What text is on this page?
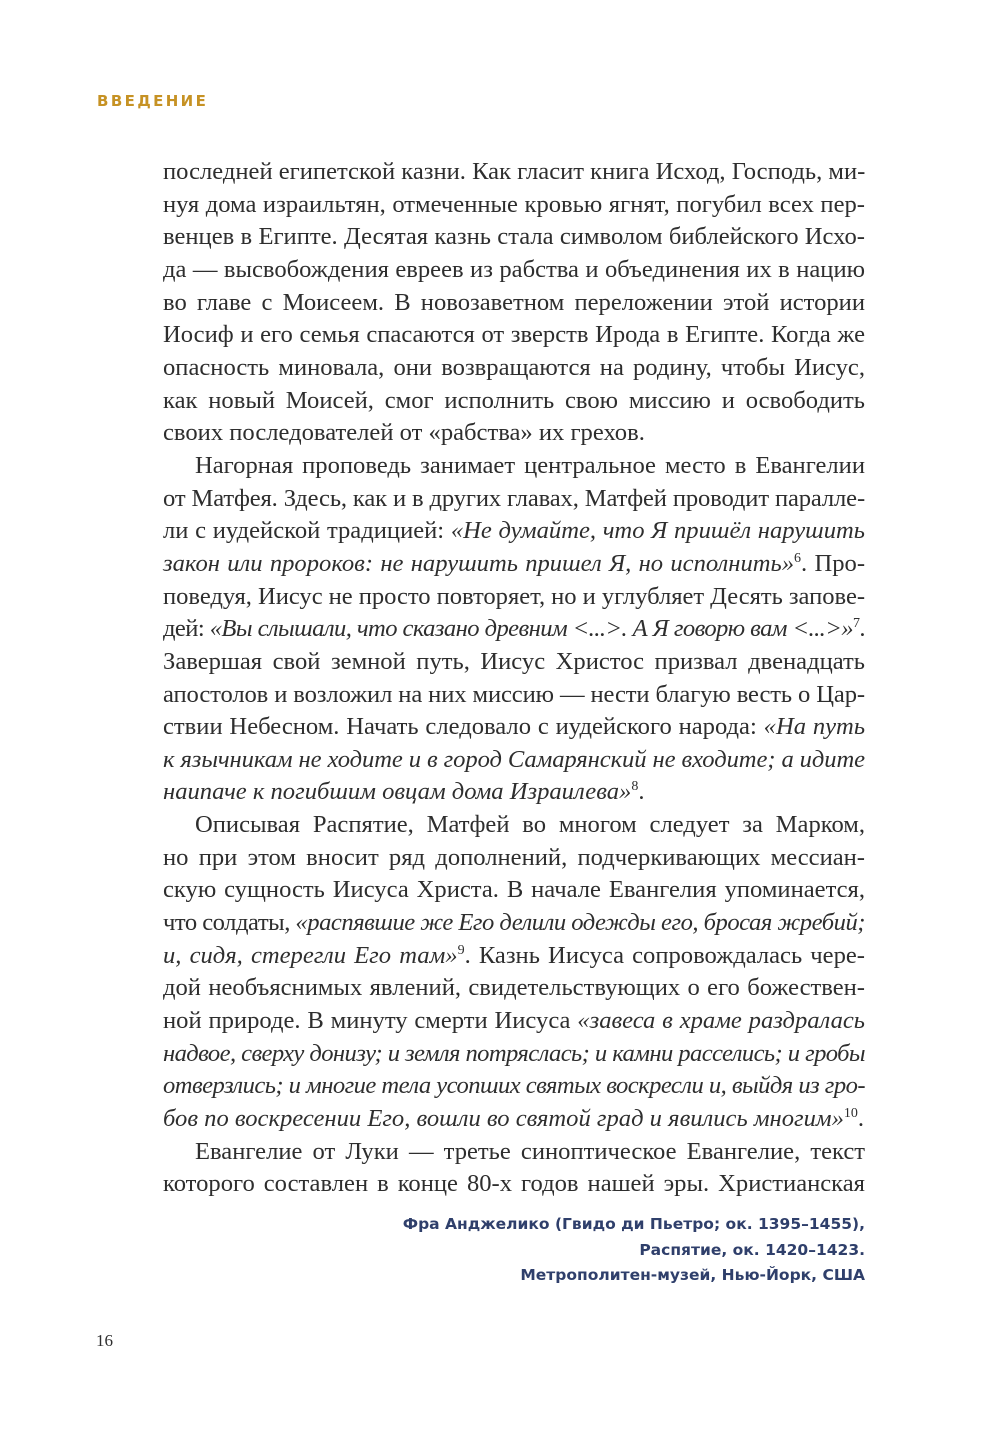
ВВЕДЕНИЕ
последней египетской казни. Как гласит книга Исход, Господь, ми-
нуя дома израильтян, отмеченные кровью ягнят, погубил всех пер-
венцев в Египте. Десятая казнь стала символом библейского Исхо-
да — высвобождения евреев из рабства и объединения их в нацию
во главе с Моисеем. В новозаветном переложении этой истории
Иосиф и его семья спасаются от зверств Ирода в Египте. Когда же
опасность миновала, они возвращаются на родину, чтобы Иисус,
как новый Моисей, смог исполнить свою миссию и освободить
своих последователей от «рабства» их грехов.
Нагорная проповедь занимает центральное место в Евангелии
от Матфея. Здесь, как и в других главах, Матфей проводит паралле-
ли с иудейской традицией: «Не думайте, что Я пришёл нарушить
закон или пророков: не нарушить пришел Я, но исполнить»$^6$. Про-
поведуя, Иисус не просто повторяет, но и углубляет Десять запове-
дей: «Вы слышали, что сказано древним <...>. А Я говорю вам <...>»$^7$.
Завершая свой земной путь, Иисус Христос призвал двенадцать
апостолов и возложил на них миссию — нести благую весть о Цар-
ствии Небесном. Начать следовало с иудейского народа: «На путь
к язычникам не ходите и в город Самарянский не входите; а идите
наипаче к погибшим овцам дома Израилева»$^8$.
Описывая Распятие, Матфей во многом следует за Марком,
но при этом вносит ряд дополнений, подчеркивающих мессиан-
скую сущность Иисуса Христа. В начале Евангелия упоминается,
что солдаты, «распявшие же Его делили одежды его, бросая жребий;
и, сидя, стерегли Его там»$^9$. Казнь Иисуса сопровождалась чере-
дой необъяснимых явлений, свидетельствующих о его божествен-
ной природе. В минуту смерти Иисуса «завеса в храме раздралась
надвое, сверху донизу; и земля потряслась; и камни расселись; и гробы
отверзлись; и многие тела усопших святых воскресли и, выйдя из гро-
бов по воскресении Его, вошли во святой град и явились многим»$^{10}$.
Евангелие от Луки — третье синоптическое Евангелие, текст
которого составлен в конце 80-х годов нашей эры. Христианская
Фра Анджелико (Гвидо ди Пьетро; ок. 1395–1455),
Распятие, ок. 1420–1423.
Метрополитен-музей, Нью-Йорк, США
16
